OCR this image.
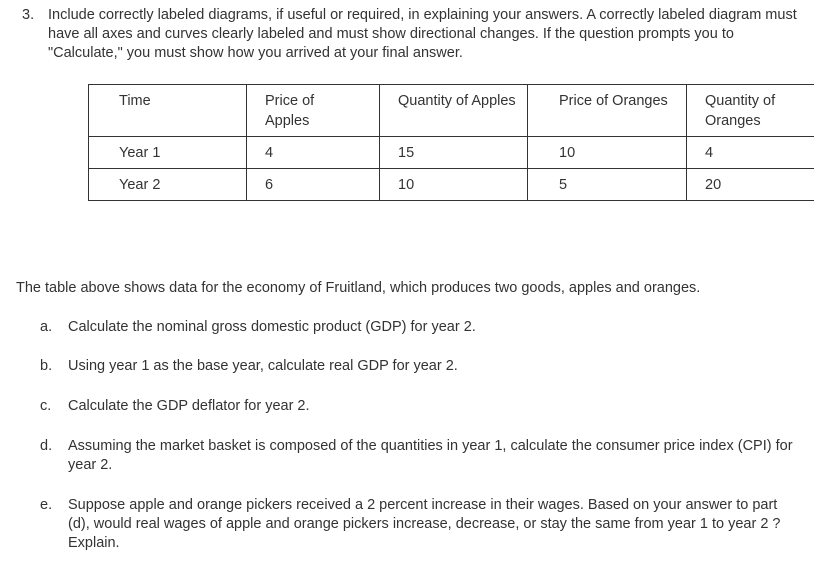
3. Include correctly labeled diagrams, if useful or required, in explaining your answers. A correctly labeled diagram must have all axes and curves clearly labeled and must show directional changes. If the question prompts you to "Calculate," you must show how you arrived at your final answer.
Time	Price of Apples	Quantity of Apples	Price of Oranges	Quantity of Oranges

Year 1	4	15	10	4

Year 2	6	10	5	20
The table above shows data for the economy of Fruitland, which produces two goods, apples and oranges.
a. Calculate the nominal gross domestic product (GDP) for year 2.
b. Using year 1 as the base year, calculate real GDP for year 2.
c. Calculate the GDP deflator for year 2.
d. Assuming the market basket is composed of the quantities in year 1, calculate the consumer price index (CPI) for year 2.
e. Suppose apple and orange pickers received a 2 percent increase in their wages. Based on your answer to part (d), would real wages of apple and orange pickers increase, decrease, or stay the same from year 1 to year 2 ? Explain.
